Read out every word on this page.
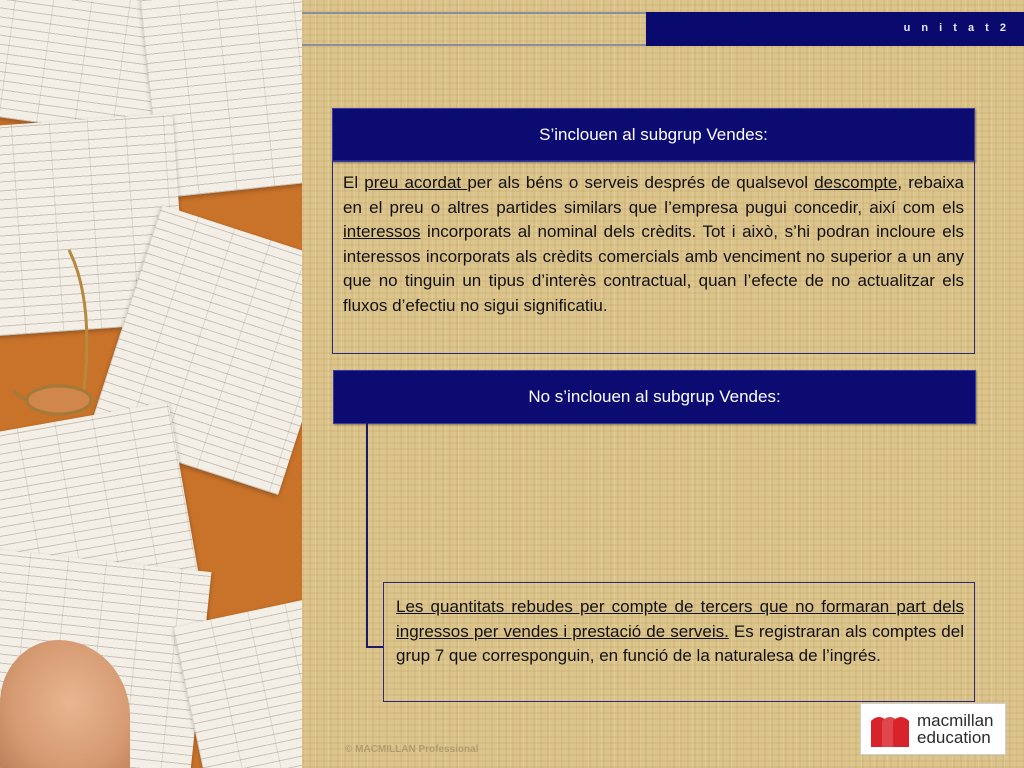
u n i t a t 2
S’inclouen al subgrup Vendes:
El preu acordat per als béns o serveis després de qualsevol descompte, rebaixa en el preu o altres partides similars que l’empresa pugui concedir, així com els interessos incorporats al nominal dels crèdits. Tot i això, s’hi podran incloure els interessos incorporats als crèdits comercials amb venciment no superior a un any que no tinguin un tipus d’interès contractual, quan l’efecte de no actualitzar els fluxos d’efectiu no sigui significatiu.
No s’inclouen al subgrup Vendes:
Les quantitats rebudes per compte de tercers que no formaran part dels ingressos per vendes i prestació de serveis. Es registraran als comptes del grup 7 que corresponguin, en funció de la naturalesa de l’ingrés.
© MACMILLAN Professional
macmillan
education
